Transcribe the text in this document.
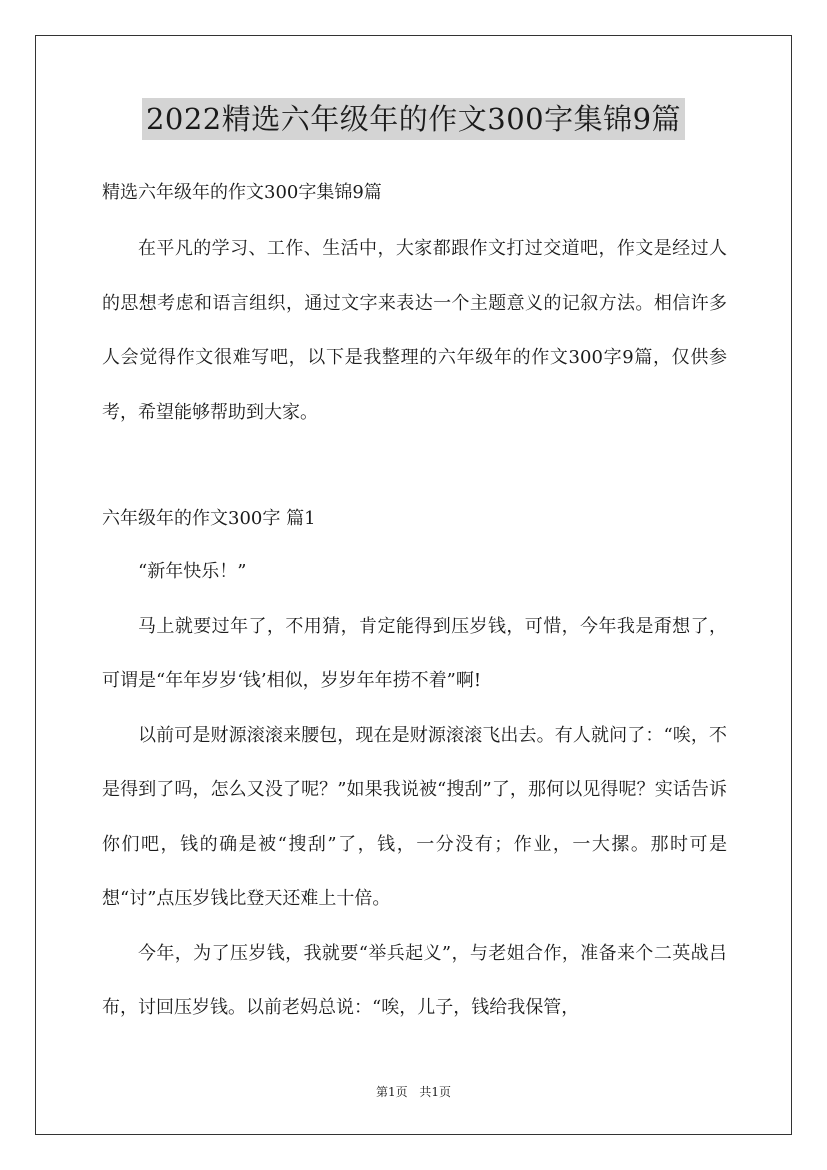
2022精选六年级年的作文300字集锦9篇
精选六年级年的作文300字集锦9篇

在平凡的学习、工作、生活中，大家都跟作文打过交道吧，作文是经过人的思想考虑和语言组织，通过文字来表达一个主题意义的记叙方法。相信许多人会觉得作文很难写吧，以下是我整理的六年级年的作文300字9篇，仅供参考，希望能够帮助到大家。

六年级年的作文300字 篇1

“新年快乐！”

马上就要过年了，不用猜，肯定能得到压岁钱，可惜，今年我是甭想了，可谓是“年年岁岁‘钱’相似，岁岁年年捞不着”啊!

以前可是财源滚滚来腰包，现在是财源滚滚飞出去。有人就问了：“唉，不是得到了吗，怎么又没了呢？”如果我说被“搜刮”了，那何以见得呢？实话告诉你们吧，钱的确是被“搜刮”了，钱，一分没有；作业，一大摞。那时可是想“讨”点压岁钱比登天还难上十倍。

今年，为了压岁钱，我就要“举兵起义”，与老姐合作，准备来个二英战吕布，讨回压岁钱。以前老妈总说：“唉，儿子，钱给我保管，

第1页 共1页
